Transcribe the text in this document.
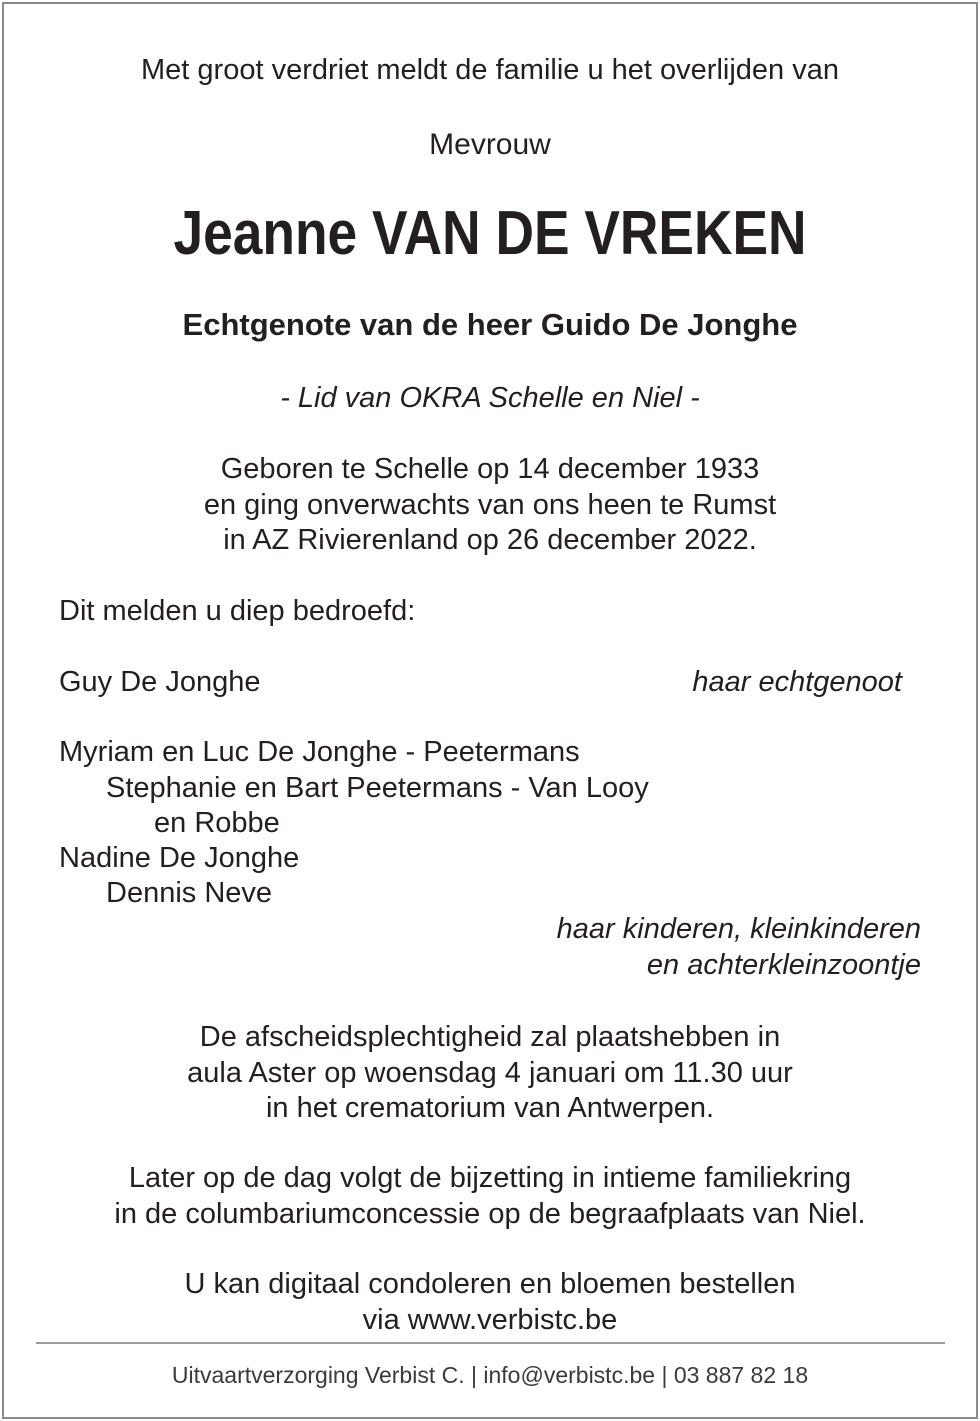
Met groot verdriet meldt de familie u het overlijden van
Mevrouw
Jeanne VAN DE VREKEN
Echtgenote van de heer Guido De Jonghe
- Lid van OKRA Schelle en Niel -
Geboren te Schelle op 14 december 1933
en ging onverwachts van ons heen te Rumst
in AZ Rivierenland op 26 december 2022.
Dit melden u diep bedroefd:
Guy De Jonghe	haar echtgenoot
Myriam en Luc De Jonghe - Peetermans
Stephanie en Bart Peetermans - Van Looy
en Robbe
Nadine De Jonghe
Dennis Neve
haar kinderen, kleinkinderen
en achterkleinzoontje
De afscheidsplechtigheid zal plaatshebben in
aula Aster op woensdag 4 januari om 11.30 uur
in het crematorium van Antwerpen.
Later op de dag volgt de bijzetting in intieme familiekring
in de columbariumconcessie op de begraafplaats van Niel.
U kan digitaal condoleren en bloemen bestellen
via www.verbistc.be
Uitvaartverzorging Verbist C. | info@verbistc.be | 03 887 82 18
